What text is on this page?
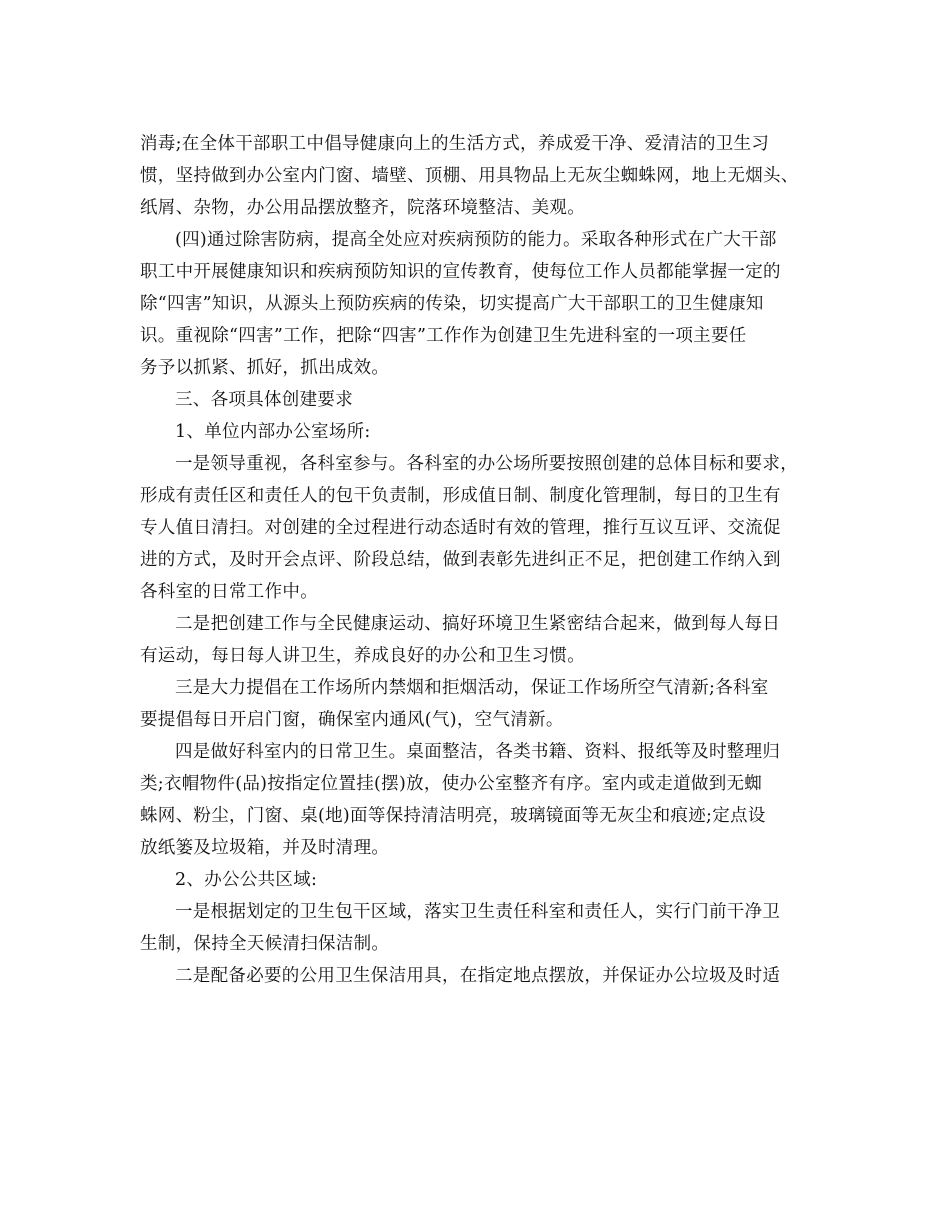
消毒;在全体干部职工中倡导健康向上的生活方式，养成爱干净、爱清洁的卫生习
惯，坚持做到办公室内门窗、墙壁、顶棚、用具物品上无灰尘蜘蛛网，地上无烟头、
纸屑、杂物，办公用品摆放整齐，院落环境整洁、美观。
(四)通过除害防病，提高全处应对疾病预防的能力。采取各种形式在广大干部
职工中开展健康知识和疾病预防知识的宣传教育，使每位工作人员都能掌握一定的
除“四害”知识，从源头上预防疾病的传染，切实提高广大干部职工的卫生健康知
识。重视除“四害”工作，把除“四害”工作作为创建卫生先进科室的一项主要任
务予以抓紧、抓好，抓出成效。
三、各项具体创建要求
1、单位内部办公室场所:
一是领导重视，各科室参与。各科室的办公场所要按照创建的总体目标和要求，
形成有责任区和责任人的包干负责制，形成值日制、制度化管理制，每日的卫生有
专人值日清扫。对创建的全过程进行动态适时有效的管理，推行互议互评、交流促
进的方式，及时开会点评、阶段总结，做到表彰先进纠正不足，把创建工作纳入到
各科室的日常工作中。
二是把创建工作与全民健康运动、搞好环境卫生紧密结合起来，做到每人每日
有运动，每日每人讲卫生，养成良好的办公和卫生习惯。
三是大力提倡在工作场所内禁烟和拒烟活动，保证工作场所空气清新;各科室
要提倡每日开启门窗，确保室内通风(气)，空气清新。
四是做好科室内的日常卫生。桌面整洁，各类书籍、资料、报纸等及时整理归
类;衣帽物件(品)按指定位置挂(摆)放，使办公室整齐有序。室内或走道做到无蜘
蛛网、粉尘，门窗、桌(地)面等保持清洁明亮，玻璃镜面等无灰尘和痕迹;定点设
放纸篓及垃圾箱，并及时清理。
2、办公公共区域:
一是根据划定的卫生包干区域，落实卫生责任科室和责任人，实行门前干净卫
生制，保持全天候清扫保洁制。
二是配备必要的公用卫生保洁用具，在指定地点摆放，并保证办公垃圾及时适
